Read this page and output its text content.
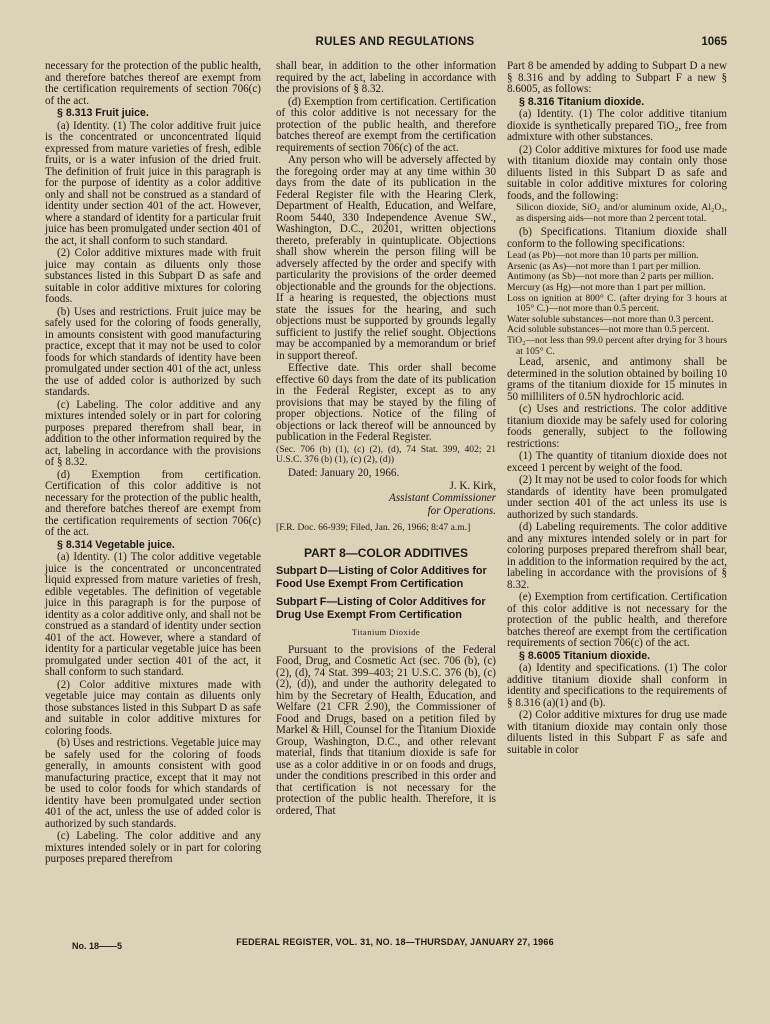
RULES AND REGULATIONS	1065

necessary for the protection of the public health, and therefore batches thereof are exempt from the certification requirements of section 706(c) of the act.

§ 8.313 Fruit juice.

(a) Identity. (1) The color additive fruit juice is the concentrated or unconcentrated liquid expressed from mature varieties of fresh, edible fruits, or is a water infusion of the dried fruit. The definition of fruit juice in this paragraph is for the purpose of identity as a color additive only and shall not be construed as a standard of identity under section 401 of the act. However, where a standard of identity for a particular fruit juice has been promulgated under section 401 of the act, it shall conform to such standard.

(2) Color additive mixtures made with fruit juice may contain as diluents only those substances listed in this Subpart D as safe and suitable in color additive mixtures for coloring foods.

(b) Uses and restrictions. Fruit juice may be safely used for the coloring of foods generally, in amounts consistent with good manufacturing practice, except that it may not be used to color foods for which standards of identity have been promulgated under section 401 of the act, unless the use of added color is authorized by such standards.

(c) Labeling. The color additive and any mixtures intended solely or in part for coloring purposes prepared therefrom shall bear, in addition to the other information required by the act, labeling in accordance with the provisions of § 8.32.

(d) Exemption from certification. Certification of this color additive is not necessary for the protection of the public health, and therefore batches thereof are exempt from the certification requirements of section 706(c) of the act.

§ 8.314 Vegetable juice.

(a) Identity. (1) The color additive vegetable juice is the concentrated or unconcentrated liquid expressed from mature varieties of fresh, edible vegetables. The definition of vegetable juice in this paragraph is for the purpose of identity as a color additive only, and shall not be construed as a standard of identity under section 401 of the act. However, where a standard of identity for a particular vegetable juice has been promulgated under section 401 of the act, it shall conform to such standard.

(2) Color additive mixtures made with vegetable juice may contain as diluents only those substances listed in this Subpart D as safe and suitable in color additive mixtures for coloring foods.

(b) Uses and restrictions. Vegetable juice may be safely used for the coloring of foods generally, in amounts consistent with good manufacturing practice, except that it may not be used to color foods for which standards of identity have been promulgated under section 401 of the act, unless the use of added color is authorized by such standards.

(c) Labeling. The color additive and any mixtures intended solely or in part for coloring purposes prepared therefrom

shall bear, in addition to the other information required by the act, labeling in accordance with the provisions of § 8.32.

(d) Exemption from certification. Certification of this color additive is not necessary for the protection of the public health, and therefore batches thereof are exempt from the certification requirements of section 706(c) of the act.

Any person who will be adversely affected by the foregoing order may at any time within 30 days from the date of its publication in the Federal Register file with the Hearing Clerk, Department of Health, Education, and Welfare, Room 5440, 330 Independence Avenue SW., Washington, D.C., 20201, written objections thereto, preferably in quintuplicate. Objections shall show wherein the person filing will be adversely affected by the order and specify with particularity the provisions of the order deemed objectionable and the grounds for the objections. If a hearing is requested, the objections must state the issues for the hearing, and such objections must be supported by grounds legally sufficient to justify the relief sought. Objections may be accompanied by a memorandum or brief in support thereof.

Effective date. This order shall become effective 60 days from the date of its publication in the Federal Register, except as to any provisions that may be stayed by the filing of proper objections. Notice of the filing of objections or lack thereof will be announced by publication in the Federal Register.

(Sec. 706 (b) (1), (c) (2), (d), 74 Stat. 399, 402; 21 U.S.C. 376 (b) (1), (c) (2), (d))

Dated: January 20, 1966.

J. K. Kirk,

Assistant Commissioner

for Operations.

[F.R. Doc. 66-939; Filed, Jan. 26, 1966; 8:47 a.m.]

PART 8—COLOR ADDITIVES
Subpart D—Listing of Color Additives for Food Use Exempt From Certification
Subpart F—Listing of Color Additives for Drug Use Exempt From Certification
Titanium Dioxide

Pursuant to the provisions of the Federal Food, Drug, and Cosmetic Act (sec. 706 (b), (c)(2), (d), 74 Stat. 399–403; 21 U.S.C. 376 (b), (c)(2), (d)), and under the authority delegated to him by the Secretary of Health, Education, and Welfare (21 CFR 2.90), the Commissioner of Food and Drugs, based on a petition filed by Markel & Hill, Counsel for the Titanium Dioxide Group, Washington, D.C., and other relevant material, finds that titanium dioxide is safe for use as a color additive in or on foods and drugs, under the conditions prescribed in this order and that certification is not necessary for the protection of the public health. Therefore, it is ordered, That

Part 8 be amended by adding to Subpart D a new § 8.316 and by adding to Subpart F a new § 8.6005, as follows:

§ 8.316 Titanium dioxide.

(a) Identity. (1) The color additive titanium dioxide is synthetically prepared TiO₂, free from admixture with other substances.

(2) Color additive mixtures for food use made with titanium dioxide may contain only those diluents listed in this Subpart D as safe and suitable in color additive mixtures for coloring foods, and the following:

Silicon dioxide, SiO₂ and/or aluminum oxide, Al₂O₃, as dispersing aids—not more than 2 percent total.

(b) Specifications. Titanium dioxide shall conform to the following specifications:

Lead (as Pb)—not more than 10 parts per million.

Arsenic (as As)—not more than 1 part per million.

Antimony (as Sb)—not more than 2 parts per million.

Mercury (as Hg)—not more than 1 part per million.

Loss on ignition at 800° C. (after drying for 3 hours at 105° C.)—not more than 0.5 percent.

Water soluble substances—not more than 0.3 percent.

Acid soluble substances—not more than 0.5 percent.

TiO₂—not less than 99.0 percent after drying for 3 hours at 105° C.

Lead, arsenic, and antimony shall be determined in the solution obtained by boiling 10 grams of the titanium dioxide for 15 minutes in 50 milliliters of 0.5N hydrochloric acid.

(c) Uses and restrictions. The color additive titanium dioxide may be safely used for coloring foods generally, subject to the following restrictions:

(1) The quantity of titanium dioxide does not exceed 1 percent by weight of the food.

(2) It may not be used to color foods for which standards of identity have been promulgated under section 401 of the act unless its use is authorized by such standards.

(d) Labeling requirements. The color additive and any mixtures intended solely or in part for coloring purposes prepared therefrom shall bear, in addition to the information required by the act, labeling in accordance with the provisions of § 8.32.

(e) Exemption from certification. Certification of this color additive is not necessary for the protection of the public health, and therefore batches thereof are exempt from the certification requirements of section 706(c) of the act.

§ 8.6005 Titanium dioxide.

(a) Identity and specifications. (1) The color additive titanium dioxide shall conform in identity and specifications to the requirements of § 8.316 (a)(1) and (b).

(2) Color additive mixtures for drug use made with titanium dioxide may contain only those diluents listed in this Subpart F as safe and suitable in color

No. 18——5	FEDERAL REGISTER, VOL. 31, NO. 18—THURSDAY, JANUARY 27, 1966
